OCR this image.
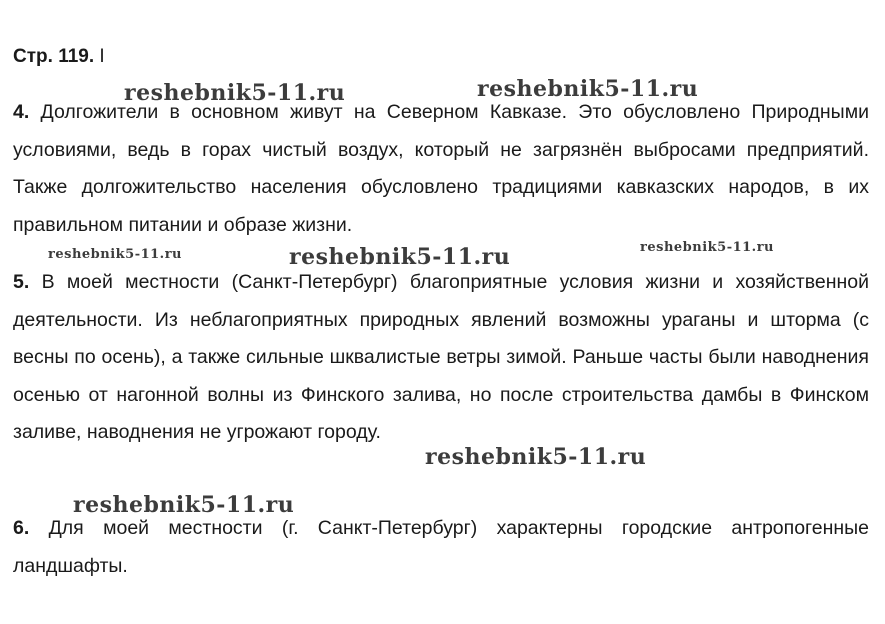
Стр. 119. I

4. Долгожители в основном живут на Северном Кавказе. Это обусловлено Природными условиями, ведь в горах чистый воздух, который не загрязнён выбросами предприятий. Также долгожительство населения обусловлено традициями кавказских народов, в их правильном питании и образе жизни.

5. В моей местности (Санкт-Петербург) благоприятные условия жизни и хозяйственной деятельности. Из неблагоприятных природных явлений возможны ураганы и шторма (с весны по осень), а также сильные шквалистые ветры зимой. Раньше часты были наводнения осенью от нагонной волны из Финского залива, но после строительства дамбы в Финском заливе, наводнения не угрожают городу.

6. Для моей местности (г. Санкт-Петербург) характерны городские антропогенные ландшафты.

reshebnik5-11.ru	reshebnik5-11.ru
reshebnik5-11.ru	reshebnik5-11.ru	reshebnik5-11.ru
reshebnik5-11.ru
reshebnik5-11.ru
